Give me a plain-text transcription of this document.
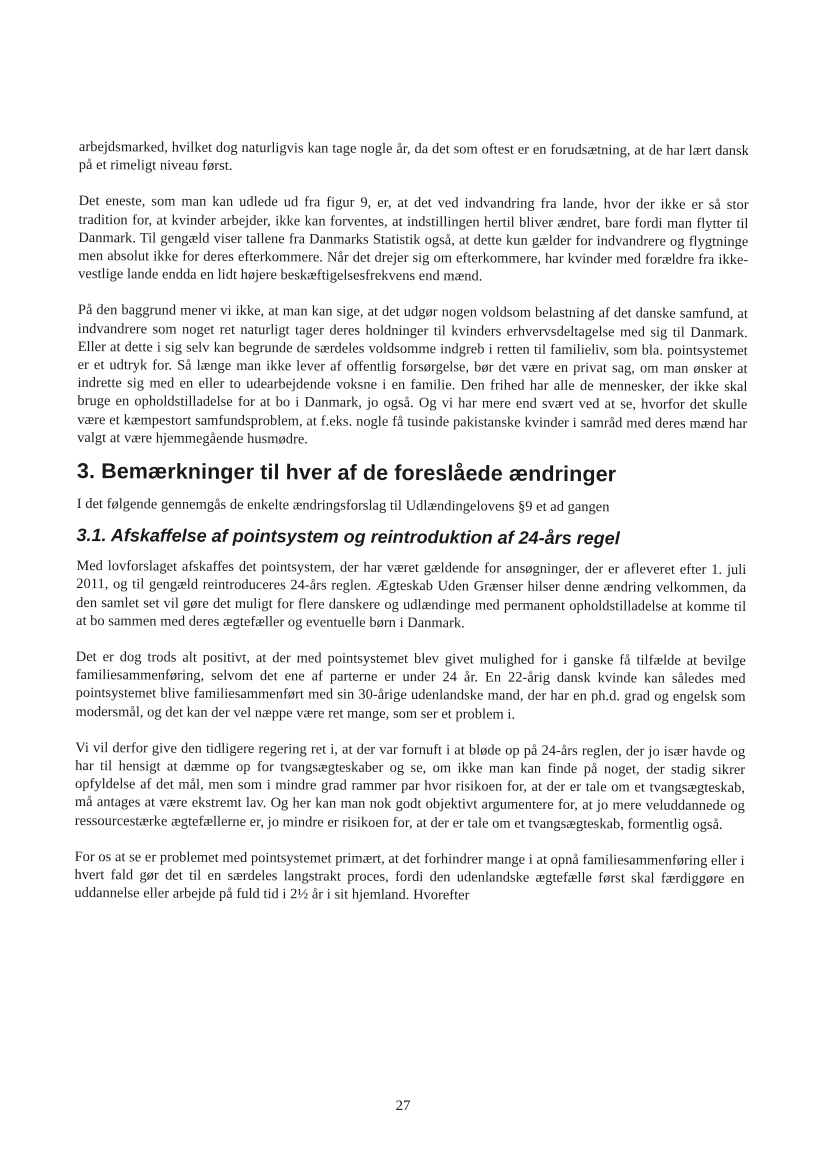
arbejdsmarked, hvilket dog naturligvis kan tage nogle år, da det som oftest er en forudsætning, at de har lært dansk på et rimeligt niveau først.

Det eneste, som man kan udlede ud fra figur 9, er, at det ved indvandring fra lande, hvor der ikke er så stor tradition for, at kvinder arbejder, ikke kan forventes, at indstillingen hertil bliver ændret, bare fordi man flytter til Danmark. Til gengæld viser tallene fra Danmarks Statistik også, at dette kun gælder for indvandrere og flygtninge men absolut ikke for deres efterkommere. Når det drejer sig om efterkommere, har kvinder med forældre fra ikke-vestlige lande endda en lidt højere beskæftigelsesfrekvens end mænd.

På den baggrund mener vi ikke, at man kan sige, at det udgør nogen voldsom belastning af det danske samfund, at indvandrere som noget ret naturligt tager deres holdninger til kvinders erhvervsdeltagelse med sig til Danmark. Eller at dette i sig selv kan begrunde de særdeles voldsomme indgreb i retten til familieliv, som bla. pointsystemet er et udtryk for. Så længe man ikke lever af offentlig forsørgelse, bør det være en privat sag, om man ønsker at indrette sig med en eller to udearbejdende voksne i en familie. Den frihed har alle de mennesker, der ikke skal bruge en opholdstilladelse for at bo i Danmark, jo også. Og vi har mere end svært ved at se, hvorfor det skulle være et kæmpestort samfundsproblem, at f.eks. nogle få tusinde pakistanske kvinder i samråd med deres mænd har valgt at være hjemmegående husmødre.

3. Bemærkninger til hver af de foreslåede ændringer

I det følgende gennemgås de enkelte ændringsforslag til Udlændingelovens §9 et ad gangen

3.1. Afskaffelse af pointsystem og reintroduktion af 24-års regel

Med lovforslaget afskaffes det pointsystem, der har været gældende for ansøgninger, der er afleveret efter 1. juli 2011, og til gengæld reintroduceres 24-års reglen. Ægteskab Uden Grænser hilser denne ændring velkommen, da den samlet set vil gøre det muligt for flere danskere og udlændinge med permanent opholdstilladelse at komme til at bo sammen med deres ægtefæller og eventuelle børn i Danmark.

Det er dog trods alt positivt, at der med pointsystemet blev givet mulighed for i ganske få tilfælde at bevilge familiesammenføring, selvom det ene af parterne er under 24 år. En 22-årig dansk kvinde kan således med pointsystemet blive familiesammenført med sin 30-årige udenlandske mand, der har en ph.d. grad og engelsk som modersmål, og det kan der vel næppe være ret mange, som ser et problem i.

Vi vil derfor give den tidligere regering ret i, at der var fornuft i at bløde op på 24-års reglen, der jo især havde og har til hensigt at dæmme op for tvangsægteskaber og se, om ikke man kan finde på noget, der stadig sikrer opfyldelse af det mål, men som i mindre grad rammer par hvor risikoen for, at der er tale om et tvangsægteskab, må antages at være ekstremt lav. Og her kan man nok godt objektivt argumentere for, at jo mere veluddannede og ressourcestærke ægtefællerne er, jo mindre er risikoen for, at der er tale om et tvangsægteskab, formentlig også.

For os at se er problemet med pointsystemet primært, at det forhindrer mange i at opnå familiesammenføring eller i hvert fald gør det til en særdeles langstrakt proces, fordi den udenlandske ægtefælle først skal færdiggøre en uddannelse eller arbejde på fuld tid i 2½ år i sit hjemland. Hvorefter

27
